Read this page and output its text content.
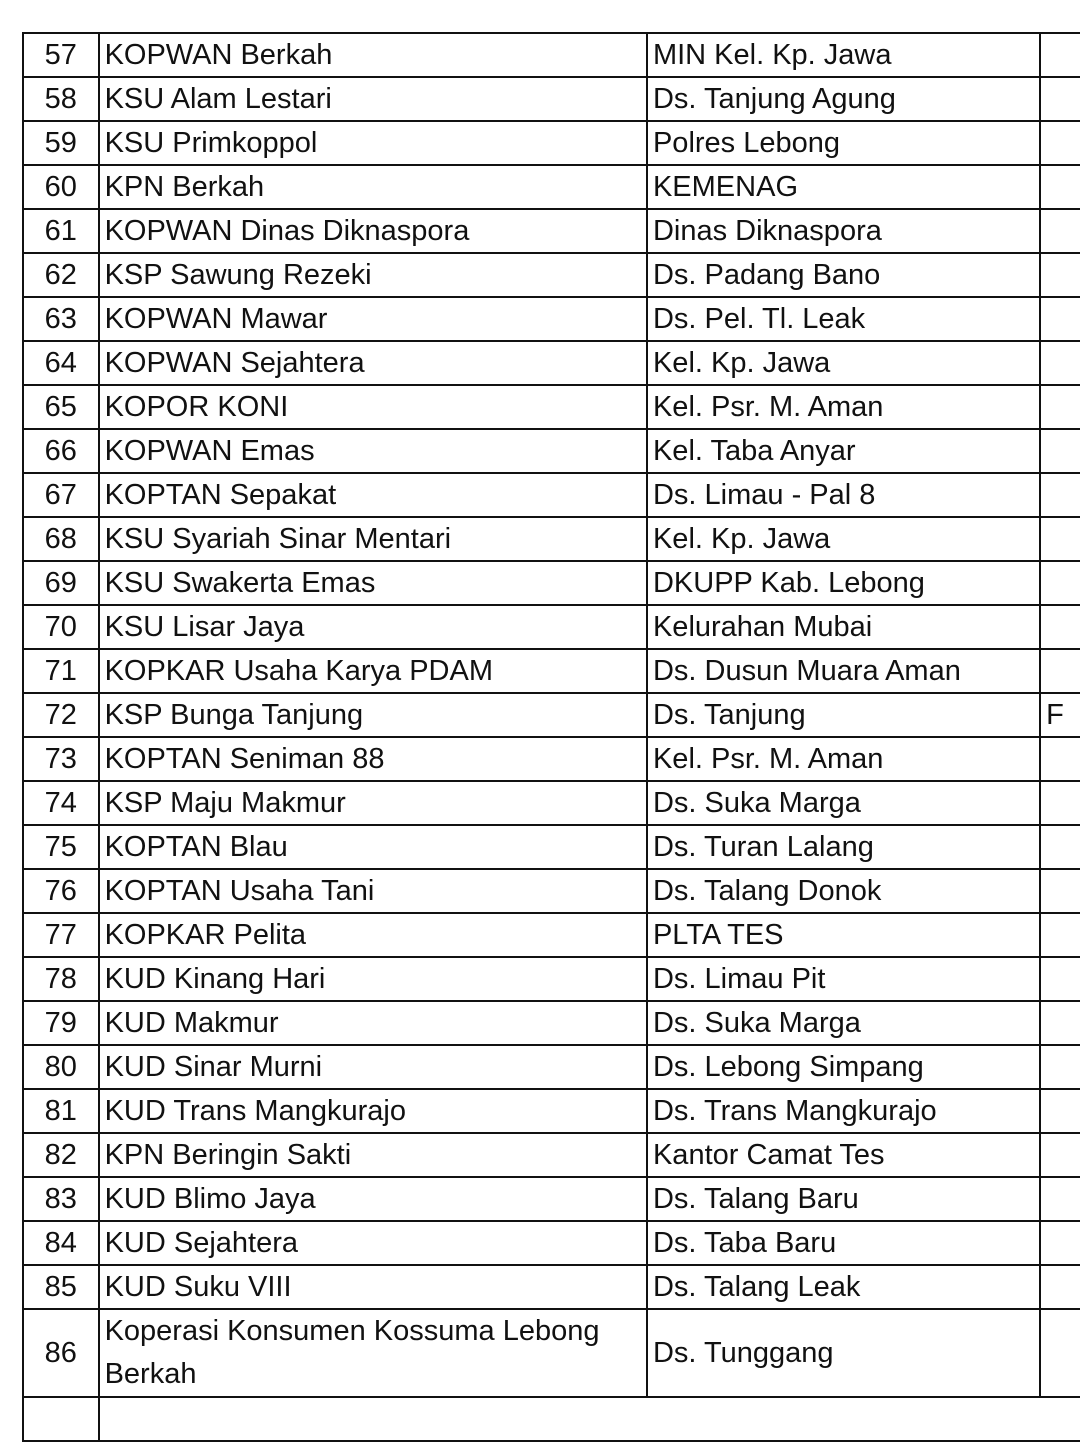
57	KOPWAN Berkah	MIN Kel. Kp. Jawa	
58	KSU Alam Lestari	Ds. Tanjung Agung	
59	KSU Primkoppol	Polres Lebong	
60	KPN Berkah	KEMENAG	
61	KOPWAN Dinas Diknaspora	Dinas Diknaspora	
62	KSP Sawung Rezeki	Ds. Padang Bano	
63	KOPWAN Mawar	Ds. Pel. Tl. Leak	
64	KOPWAN Sejahtera	Kel. Kp. Jawa	
65	KOPOR KONI	Kel. Psr. M. Aman	
66	KOPWAN Emas	Kel. Taba Anyar	
67	KOPTAN Sepakat	Ds. Limau - Pal 8	
68	KSU Syariah Sinar Mentari	Kel. Kp. Jawa	
69	KSU Swakerta Emas	DKUPP Kab. Lebong	
70	KSU Lisar Jaya	Kelurahan Mubai	
71	KOPKAR Usaha Karya PDAM	Ds. Dusun Muara Aman	
72	KSP Bunga Tanjung	Ds. Tanjung	F
73	KOPTAN Seniman 88	Kel. Psr. M. Aman	
74	KSP Maju Makmur	Ds. Suka Marga	
75	KOPTAN Blau	Ds. Turan Lalang	
76	KOPTAN Usaha Tani	Ds. Talang Donok	
77	KOPKAR Pelita	PLTA TES	
78	KUD Kinang Hari	Ds. Limau Pit	
79	KUD Makmur	Ds. Suka Marga	
80	KUD Sinar Murni	Ds. Lebong Simpang	
81	KUD Trans Mangkurajo	Ds. Trans Mangkurajo	
82	KPN Beringin Sakti	Kantor Camat Tes	
83	KUD Blimo Jaya	Ds. Talang Baru	
84	KUD Sejahtera	Ds. Taba Baru	
85	KUD Suku VIII	Ds. Talang Leak	
86	Koperasi Konsumen Kossuma Lebong Berkah	Ds. Tunggang	
